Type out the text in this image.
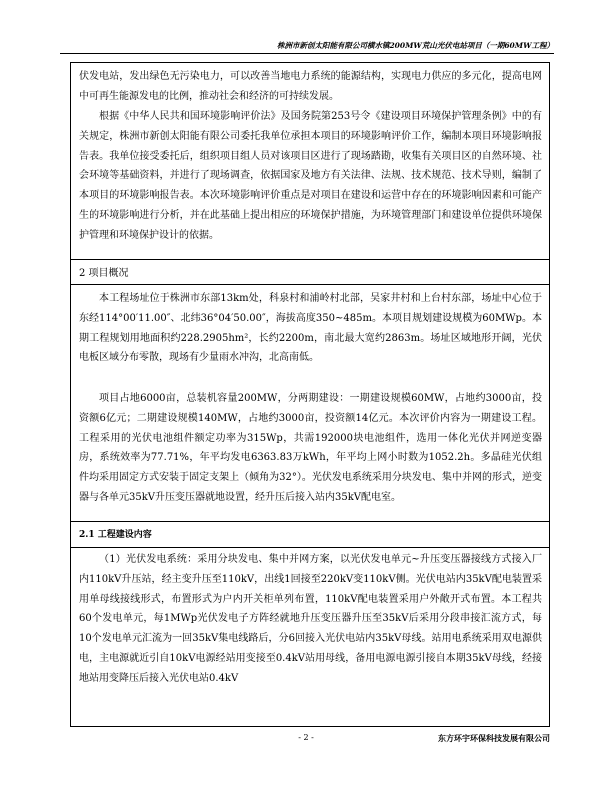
株洲市新创太阳能有限公司横水镇200MW荒山光伏电站项目（一期60MW工程）

伏发电站，发出绿色无污染电力，可以改善当地电力系统的能源结构，实现电力供应的多元化，提高电网中可再生能源发电的比例，推动社会和经济的可持续发展。

根据《中华人民共和国环境影响评价法》及国务院第253号令《建设项目环境保护管理条例》中的有关规定，株洲市新创太阳能有限公司委托我单位承担本项目的环境影响评价工作，编制本项目环境影响报告表。我单位接受委托后，组织项目组人员对该项目区进行了现场踏勘，收集有关项目区的自然环境、社会环境等基础资料，并进行了现场调查，依据国家及地方有关法律、法规、技术规范、技术导则，编制了本项目的环境影响报告表。本次环境影响评价重点是对项目在建设和运营中存在的环境影响因素和可能产生的环境影响进行分析，并在此基础上提出相应的环境保护措施，为环境管理部门和建设单位提供环境保护管理和环境保护设计的依据。

2 项目概况

本工程场址位于株洲市东部13km处，科泉村和浦岭村北部，吴家井村和上台村东部，场址中心位于东经114°00′11.00″、北纬36°04′50.00″，海拔高度350~485m。本项目规划建设规模为60MWp。本期工程规划用地面积约228.2905hm²，长约2200m，南北最大宽约2863m。场址区域地形开阔，光伏电板区域分布零散，现场有少量雨水冲沟，北高南低。

项目占地6000亩，总装机容量200MW，分两期建设：一期建设规模60MW，占地约3000亩，投资额6亿元；二期建设规模140MW，占地约3000亩，投资额14亿元。本次评价内容为一期建设工程。工程采用的光伏电池组件额定功率为315Wp，共需192000块电池组件，选用一体化光伏并网逆变器房，系统效率为77.71%，年平均发电6363.83万kWh，年平均上网小时数为1052.2h。多晶硅光伏组件均采用固定方式安装于固定支架上（倾角为32°）。光伏发电系统采用分块发电、集中并网的形式，逆变器与各单元35kV升压变压器就地设置，经升压后接入站内35kV配电室。

2.1 工程建设内容

（1）光伏发电系统：采用分块发电、集中并网方案，以光伏发电单元~升压变压器接线方式接入厂内110kV升压站，经主变升压至110kV，出线1回接至220kV变110kV侧。光伏电站内35kV配电装置采用单母线接线形式，布置形式为户内开关柜单列布置，110kV配电装置采用户外敞开式布置。本工程共60个发电单元，每1MWp光伏发电子方阵经就地升压变压器升压至35kV后采用分段串接汇流方式，每10个发电单元汇流为一回35kV集电线路后，分6回接入光伏电站内35kV母线。站用电系统采用双电源供电，主电源就近引自10kV电源经站用变接至0.4kV站用母线，备用电源电源引接自本期35kV母线，经接地站用变降压后接入光伏电站0.4kV

- 2 -	东方环宇环保科技发展有限公司
